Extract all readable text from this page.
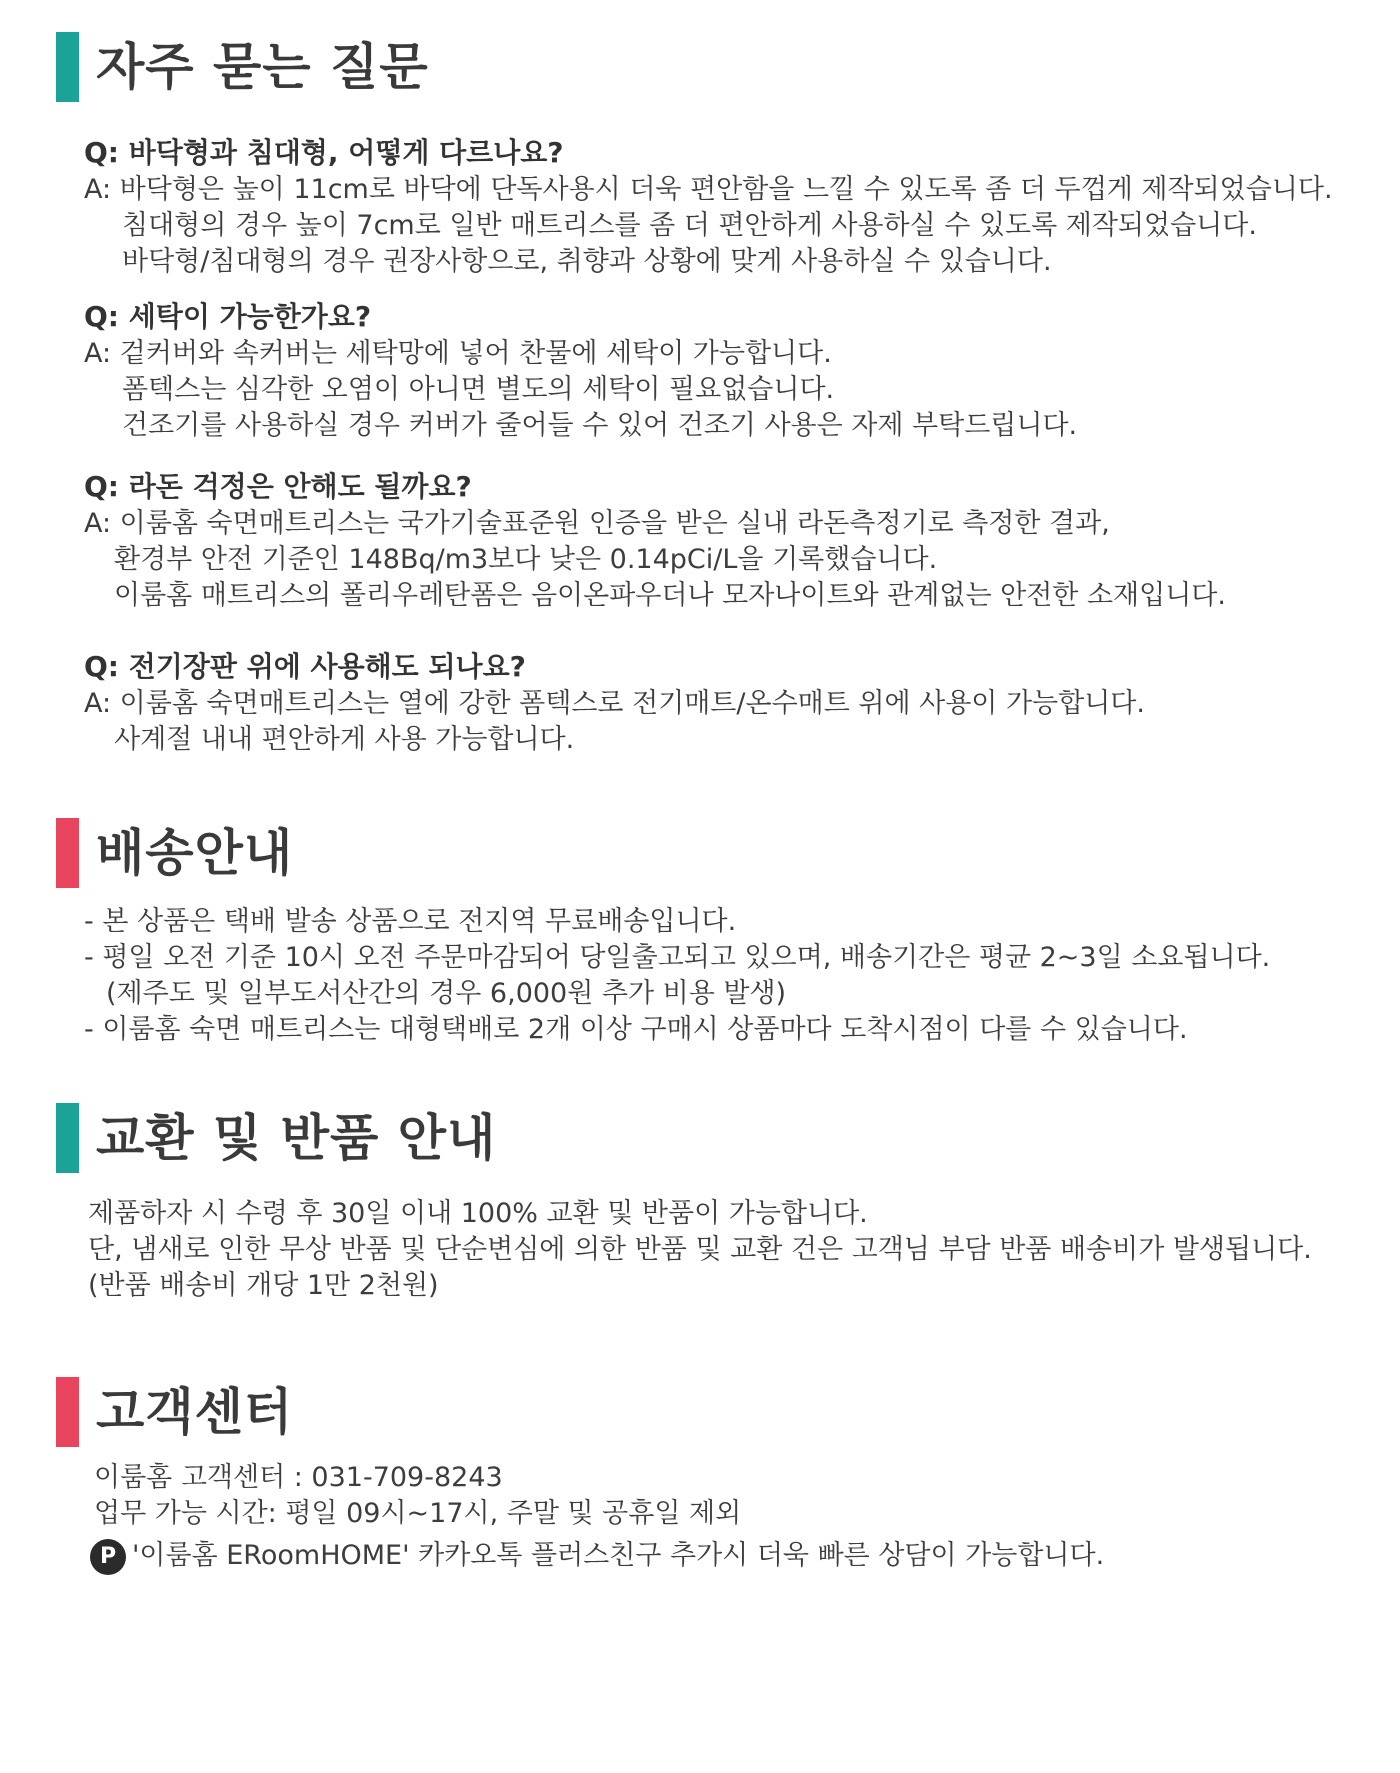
자주 묻는 질문
Q: 바닥형과 침대형, 어떻게 다르나요?
A: 바닥형은 높이 11cm로 바닥에 단독사용시 더욱 편안함을 느낄 수 있도록 좀 더 두껍게 제작되었습니다.
침대형의 경우 높이 7cm로 일반 매트리스를 좀 더 편안하게 사용하실 수 있도록 제작되었습니다.
바닥형/침대형의 경우 권장사항으로, 취향과 상황에 맞게 사용하실 수 있습니다.
Q: 세탁이 가능한가요?
A: 겉커버와 속커버는 세탁망에 넣어 찬물에 세탁이 가능합니다.
폼텍스는 심각한 오염이 아니면 별도의 세탁이 필요없습니다.
건조기를 사용하실 경우 커버가 줄어들 수 있어 건조기 사용은 자제 부탁드립니다.
Q: 라돈 걱정은 안해도 될까요?
A: 이룸홈 숙면매트리스는 국가기술표준원 인증을 받은 실내 라돈측정기로 측정한 결과,
환경부 안전 기준인 148Bq/m3보다 낮은 0.14pCi/L을 기록했습니다.
이룸홈 매트리스의 폴리우레탄폼은 음이온파우더나 모자나이트와 관계없는 안전한 소재입니다.
Q: 전기장판 위에 사용해도 되나요?
A: 이룸홈 숙면매트리스는 열에 강한 폼텍스로 전기매트/온수매트 위에 사용이 가능합니다.
사계절 내내 편안하게 사용 가능합니다.
배송안내
- 본 상품은 택배 발송 상품으로 전지역 무료배송입니다.
- 평일 오전 기준 10시 오전 주문마감되어 당일출고되고 있으며, 배송기간은 평균 2~3일 소요됩니다.
(제주도 및 일부도서산간의 경우 6,000원 추가 비용 발생)
- 이룸홈 숙면 매트리스는 대형택배로 2개 이상 구매시 상품마다 도착시점이 다를 수 있습니다.
교환 및 반품 안내
제품하자 시 수령 후 30일 이내 100% 교환 및 반품이 가능합니다.
단, 냄새로 인한 무상 반품 및 단순변심에 의한 반품 및 교환 건은 고객님 부담 반품 배송비가 발생됩니다.
(반품 배송비 개당 1만 2천원)
고객센터
이룸홈 고객센터 : 031-709-8243
업무 가능 시간: 평일 09시~17시, 주말 및 공휴일 제외
P '이룸홈 ERoomHOME' 카카오톡 플러스친구 추가시 더욱 빠른 상담이 가능합니다.
